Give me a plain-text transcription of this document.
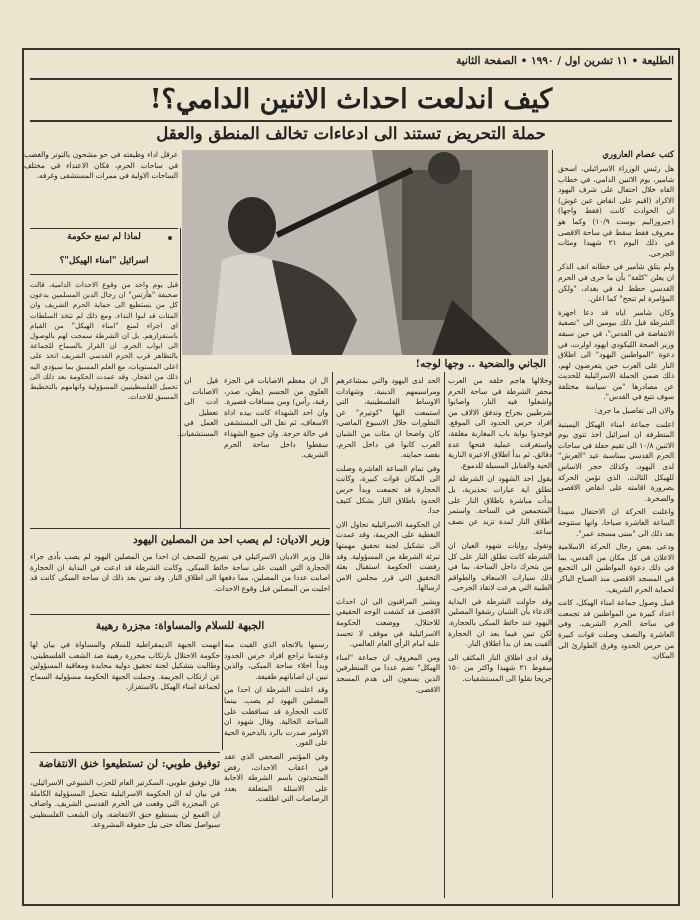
الطليعة • ١١ تشرين اول / ١٩٩٠ • الصفحة الثانية
كيف اندلعت احداث الاثنين الدامي؟!
حملة التحريض تستند الى ادعاءات تخالف المنطق والعقل
كتب عصام العاروري

هل رئيس الوزراء الاسرائيلي، اسحق شامير، يوم الاثنين الدامي، في خطاب القاه خلال احتفال على شرف اليهود الاكراد (اقيم على انقاض عين غوش) ان الحوادث كانت (فقط واجها) (جيروزاليم بوست ١٠/٩) وكما هو معروف فقط سقط في ساحة الاقصى في ذلك اليوم ٢١ شهيدا ومئات الجرحى.

ولم يتلق شامير في خطابه انف الذكر ان يعلن "كلفة" بأن ما جرى في الحرم القدسي خطط له في بغداد، "ولكن المؤامرة لم تنجح" كما اعلن.

وكان شامير اياه قد دعا اجهزة الشرطة قبل ذلك بيومين الى "تصفية الانتفاضة في القدس"، في حين سبقه وزير الصحة الليكودي ايهود اولرت، في دعوة "المواطنين اليهود" الى اطلاق النار على العرب حين يتعرضون لهم، ذلك ضمن الحملة الاسرائيلية للحديث عن مصادرها "من سياسة مختلفة سوف تتبع في القدس".

والان الى تفاصيل ما جرى:

اعلنت جماعة امناء الهيكل اليمينية المتطرفة ان اسرائيل اخذ تتوي يوم الاثنين ١٠/٨ الى تقيم حفلة في ساحات الحرم القدسي بمناسبة عيد "العرش" لدى اليهود، وكذلك حجر الاساس للهيكل الثالث. الذي تؤمن الحركة بضرورة اقامته على انقاض الاقصى والصخرة.

واعلنت الحركة ان الاحتفال سيبدأ الساعة العاشرة صباحا، وانها ستتوجه بعد ذلك الى "مبنى مسجد عمر".

ودعى بعض رجال الحركة الاسلامية الاعلان في كل مكان من القدس، بما في ذلك دعوة المواطنين الى التجمع في المسجد الاقصى منذ الصباح الباكر لحماية الحرم الشريف.

قبيل وصول جماعة امناء الهيكل، كانت اعداد كبيرة من المواطنين قد تجمعت في ساحة الحرم الشريف. وفي العاشرة والنصف وصلت قوات كبيرة من حرس الحدود وفرق الطوارئ الى المكان.

الجاني والضحية .. وجها لوجه!
عرقل اداء وظيفته في حو مشحون بالتوتر والغضب في ساحات الحرم، فكان الاعتداء في مختلف الساحات الاولية في ممرات المستشفى وغرفه.
لماذا لم تمنع حكومة
اسرائيل "امناء الهيكل"؟
قبل يوم واحد من وقوع الاحداث الدامية، قالت صحيفة "هآرتس" ان رجال الدين المسلمين يدعون كل من يستطيع الى حماية الحرم الشريف وان المئات قد لبوا النداء. ومع ذلك لم تتخذ السلطات اي اجراء لمنع "امناء الهيكل" من القيام باستفزازهم. بل ان الشرطة سمحت لهم بالوصول الى ابواب الحرم. ان القرار بالسماح للجماعة بالتظاهر قرب الحرم القدسي الشريف اتخذ على اعلى المستويات، مع العلم المسبق بما سيؤدي اليه ذلك من انفجار. وقد عمدت الحكومة بعد ذلك الى تحميل الفلسطينيين المسؤولية واتهامهم بالتخطيط المسبق للاحداث.

وخلالها هاجم خلقه من العرب محفر الشرطة في ساحة الحرم واشعلوا فيه النار، واصابوا شرطيين بجراح وتدفق الالاف من افراد حرس الحدود الى الموقع. فوجدوا بوابة باب المغاربة مغلقة، واستغرقت عملية فتحها عدة دقائق. ثم بدأ اطلاق الاعيرة النارية الحية والقنابل المسيلة للدموع.

يقول احد الشهود ان الشرطة لم تطلق اية عيارات تحذيرية، بل بدأت مباشرة باطلاق النار على المتجمعين في الساحة. واستمر اطلاق النار لمدة تزيد عن نصف ساعة.

وتقول روايات شهود العيان ان الشرطة كانت تطلق النار على كل من يتحرك داخل الساحة، بما في ذلك سيارات الاسعاف والطواقم الطبية التي هرعت لانقاذ الجرحى.

وقد حاولت الشرطة في البداية الادعاء بأن الشبان رشقوا المصلين اليهود عند حائط المبكى بالحجارة، لكن تبين فيما بعد ان الحجارة ألقيت بعد ان بدأ اطلاق النار.

وقد ادى اطلاق النار المكثف الى سقوط ٢١ شهيدا واكثر من ١٥٠ جريحا نقلوا الى المستشفيات.

الحد لدى اليهود والتي بمشاعرهم ومراسيمهم الدينية. وشهادات الاوساط الفلسطينية، التي استمعت اليها "كوتيرم" عن التطورات خلال الاسبوع الماضي، كان واضحا ان مئات من الشبان العرب كانوا في داخل الحرم، بقصد حمايته.

وفي تمام الساعة العاشرة وصلت الى المكان قوات كبيرة، وكانت الحجارة قد تجمعت وبدأ حرس الحدود باطلاق النار بشكل كثيف جدا.

ان الحكومة الاسرائيلية تحاول الان التغطية على الجريمة، وقد عمدت الى تشكيل لجنة تحقيق مهمتها تبرئة الشرطة من المسؤولية. وقد رفضت الحكومة استقبال بعثة التحقيق التي قرر مجلس الامن ارسالها.

ويشير المراقبون الى ان احداث الاقصى قد كشفت الوجه الحقيقي للاحتلال، ووضعت الحكومة الاسرائيلية في موقف لا تحسد عليه امام الرأي العام العالمي.

ومن المعروف ان جماعة "امناء الهيكل" تضم عددا من المتطرفين الذين يسعون الى هدم المسجد الاقصى.

ال ان معظم الاصابات في الجزء العلوي من الجسم (بطن، صدر، رقبة، رأس) ومن مسافات قصيرة. وان احد الشهداء كانت بيده اداة الاسعاف، ثم نقل الى المستشفى في حالة حرجة. وان جميع الشهداء سقطوا داخل ساحة الحرم الشريف.
قيل ان الاصابات ادت الى تعطيل العمل في المستشفيات.
وزير الاديان: لم يصب احد من المصلين اليهود
قال وزير الاديان الاسرائيلي في تصريح للصحف ان احدا من المصلين اليهود لم يصب بأذى جراء الحجارة التي القيت على ساحة حائط المبكى. وكانت الشرطة قد ادعت في البداية ان الحجارة اصابت عددا من المصلين، مما دفعها الى اطلاق النار. وقد تبين بعد ذلك ان ساحة المبكى كانت قد اخليت من المصلين قبل وقوع الاحداث.
الجبهة للسلام والمساواة: مجزرة رهيبة
انهمت الجبهة الديمقراطية للسلام والمساواة في بيان لها حكومة الاحتلال بارتكاب مجزرة رهيبة ضد الشعب الفلسطيني، وطالبت بتشكيل لجنة تحقيق دولية محايدة ومعاقبة المسؤولين عن ارتكاب الجريمة. وحملت الجبهة الحكومة مسؤولية السماح لجماعة امناء الهيكل بالاستفزاز.

رسمها بالاتجاه الذي القيت منه وعندما تراجع افراد حرس الحدود وبدأ اخلاء ساحة المبكى، والذين تبين ان اصاباتهم طفيفة.

وقد اعلنت الشرطة ان احدا من المصلين اليهود لم يصب. بينما كانت الحجارة قد تساقطت على الساحة الخالية. وقال شهود ان الاوامر صدرت بالرد بالذخيرة الحية على الفور.

وفي المؤتمر الصحفي الذي عقد في اعقاب الاحداث، رفض المتحدثون باسم الشرطة الاجابة على الاسئلة المتعلقة بعدد الرصاصات التي اطلقت.

توفيق طوبي: لن تستطيعوا خنق الانتفاضة
قال توفيق طوبي، السكرتير العام للحزب الشيوعي الاسرائيلي، في بيان له ان الحكومة الاسرائيلية تتحمل المسؤولية الكاملة عن المجزرة التي وقعت في الحرم القدسي الشريف. واضاف ان القمع لن يستطيع خنق الانتفاضة، وان الشعب الفلسطيني سيواصل نضاله حتى نيل حقوقه المشروعة.
